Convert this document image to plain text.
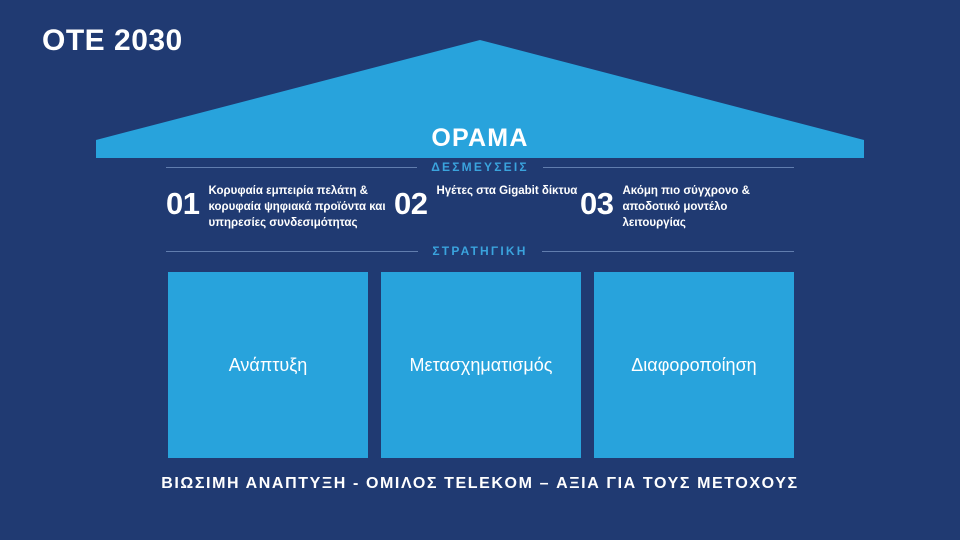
OTE 2030
ΟΡΑΜΑ
ΔΕΣΜΕΥΣΕΙΣ
01 Κορυφαία εμπειρία πελάτη & κορυφαία ψηφιακά προϊόντα και υπηρεσίες συνδεσιμότητας
02 Ηγέτες στα Gigabit δίκτυα 03 Ακόμη πιο σύγχρονο & αποδοτικό μοντέλο λειτουργίας
ΣΤΡΑΤΗΓΙΚΗ
Ανάπτυξη	Μετασχηματισμός	Διαφοροποίηση
ΒΙΩΣΙΜΗ ΑΝΑΠΤΥΞΗ - ΟΜΙΛΟΣ TELEKOM – ΑΞΙΑ ΓΙΑ ΤΟΥΣ ΜΕΤΟΧΟΥΣ
